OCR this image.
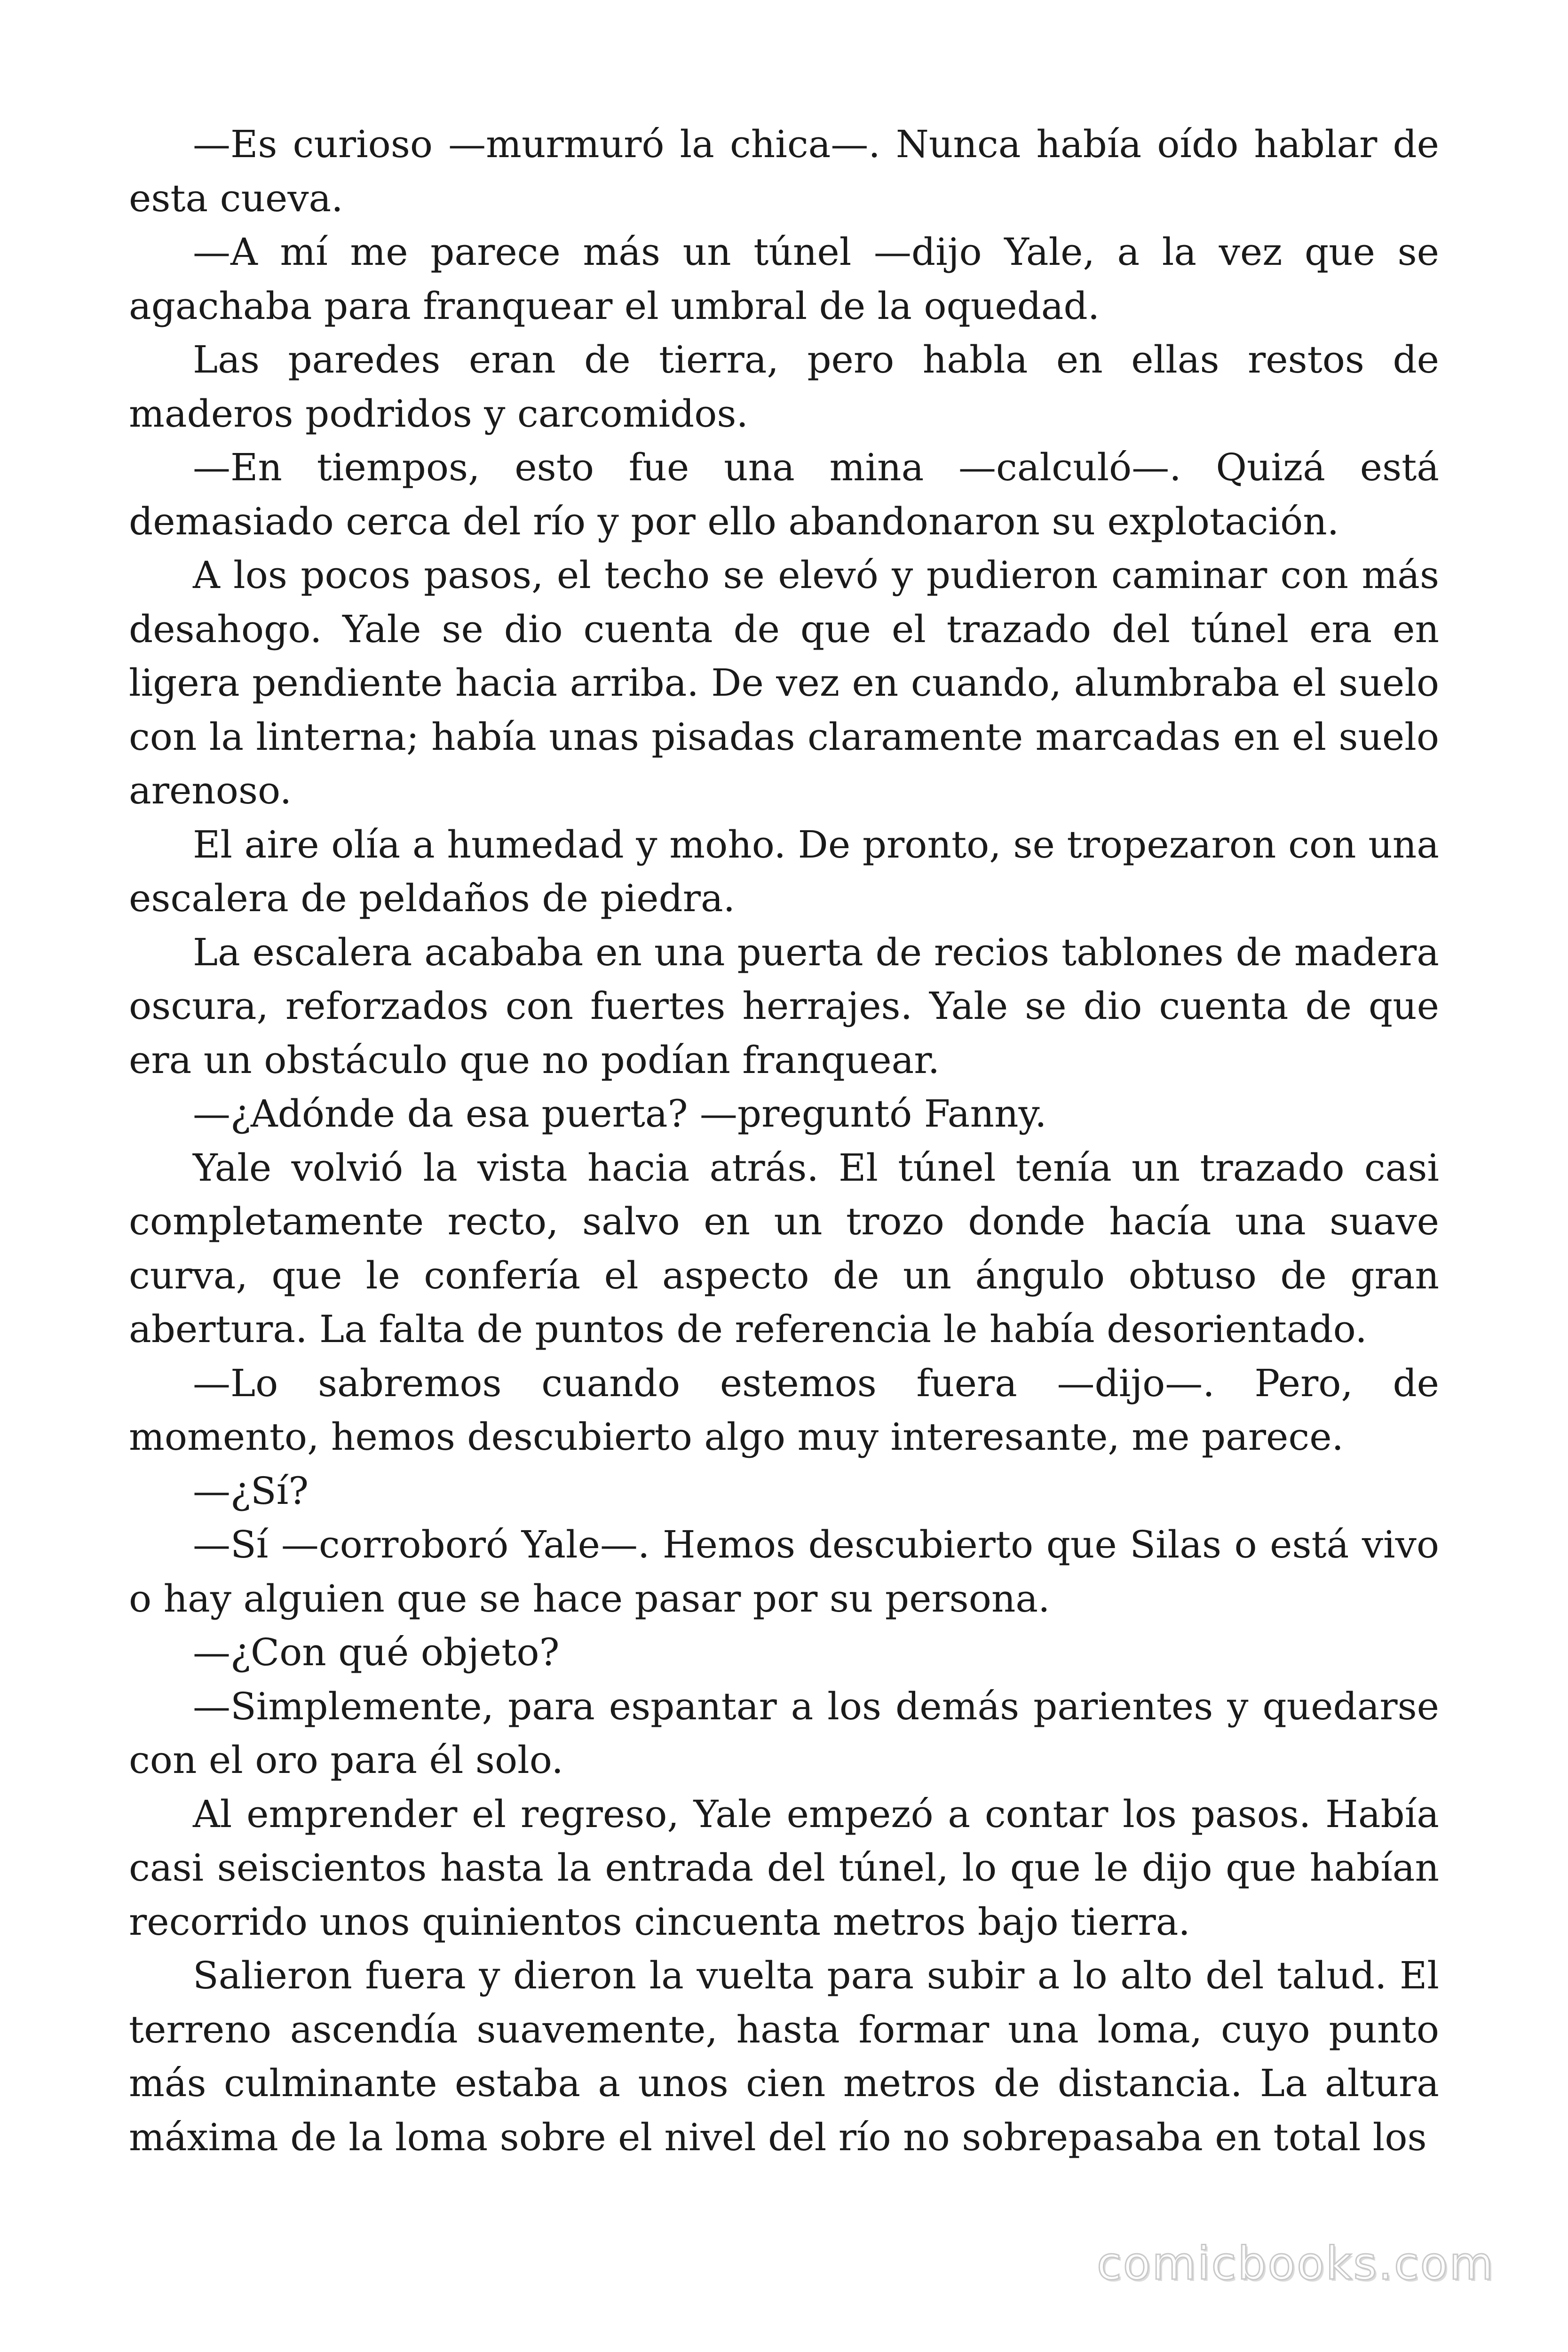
—Es curioso —murmuró la chica—. Nunca había oído hablar de esta cueva.

—A mí me parece más un túnel —dijo Yale, a la vez que se agachaba para franquear el umbral de la oquedad.

Las paredes eran de tierra, pero habla en ellas restos de maderos podridos y carcomidos.

—En tiempos, esto fue una mina —calculó—. Quizá está demasiado cerca del río y por ello abandonaron su explotación.

A los pocos pasos, el techo se elevó y pudieron caminar con más desahogo. Yale se dio cuenta de que el trazado del túnel era en ligera pendiente hacia arriba. De vez en cuando, alumbraba el suelo con la linterna; había unas pisadas claramente marcadas en el suelo arenoso.

El aire olía a humedad y moho. De pronto, se tropezaron con una escalera de peldaños de piedra.

La escalera acababa en una puerta de recios tablones de madera oscura, reforzados con fuertes herrajes. Yale se dio cuenta de que era un obstáculo que no podían franquear.

—¿Adónde da esa puerta? —preguntó Fanny.

Yale volvió la vista hacia atrás. El túnel tenía un trazado casi completamente recto, salvo en un trozo donde hacía una suave curva, que le confería el aspecto de un ángulo obtuso de gran abertura. La falta de puntos de referencia le había desorientado.

—Lo sabremos cuando estemos fuera —dijo—. Pero, de momento, hemos descubierto algo muy interesante, me parece.

—¿Sí?

—Sí —corroboró Yale—. Hemos descubierto que Silas o está vivo o hay alguien que se hace pasar por su persona.

—¿Con qué objeto?

—Simplemente, para espantar a los demás parientes y quedarse con el oro para él solo.

Al emprender el regreso, Yale empezó a contar los pasos. Había casi seiscientos hasta la entrada del túnel, lo que le dijo que habían recorrido unos quinientos cincuenta metros bajo tierra.

Salieron fuera y dieron la vuelta para subir a lo alto del talud. El terreno ascendía suavemente, hasta formar una loma, cuyo punto más culminante estaba a unos cien metros de distancia. La altura máxima de la loma sobre el nivel del río no sobrepasaba en total los

comicbooks.com
